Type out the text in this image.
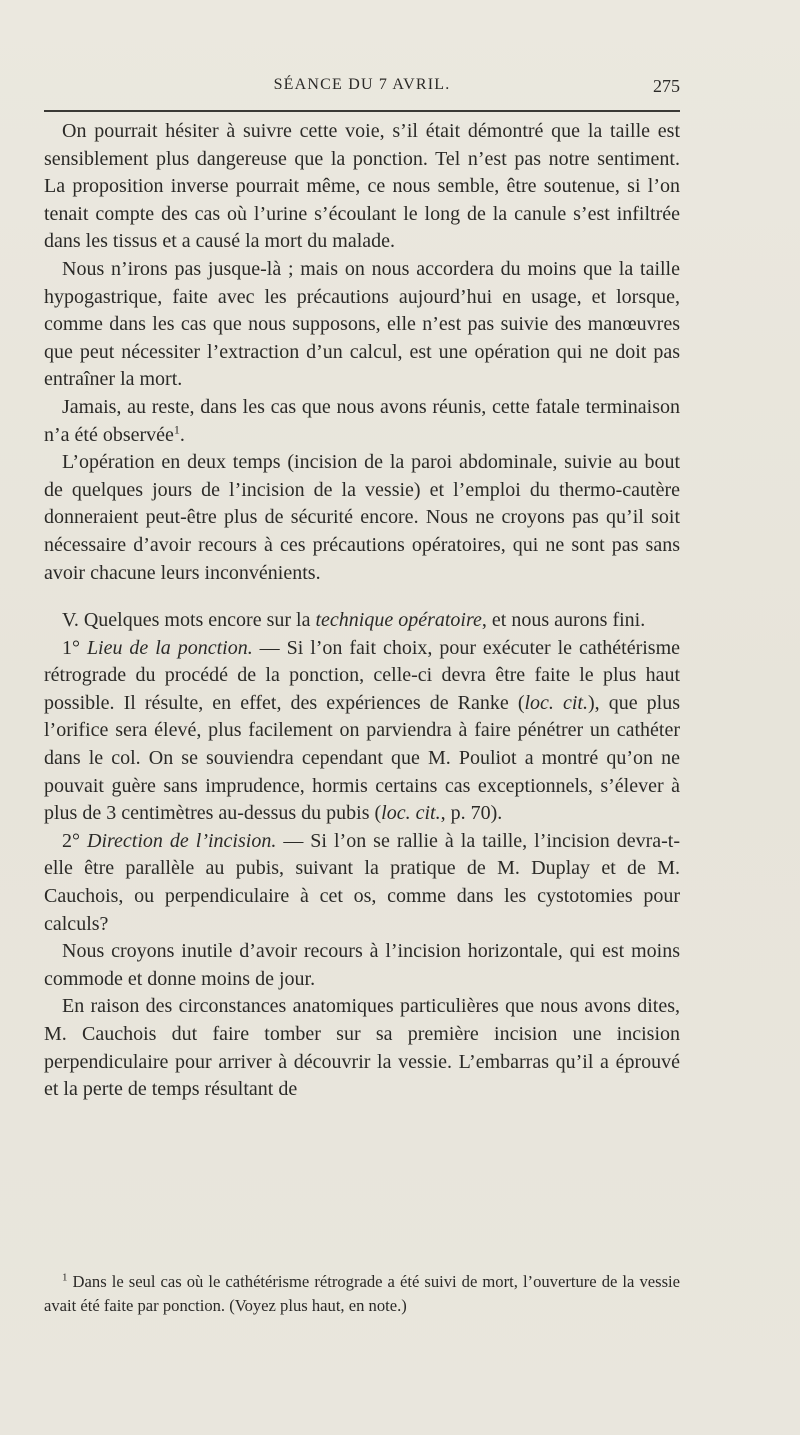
SÉANCE DU 7 AVRIL.	275

On pourrait hésiter à suivre cette voie, s’il était démontré que la taille est sensiblement plus dangereuse que la ponction. Tel n’est pas notre sentiment. La proposition inverse pourrait même, ce nous semble, être soutenue, si l’on tenait compte des cas où l’urine s’écoulant le long de la canule s’est infiltrée dans les tissus et a causé la mort du malade.

Nous n’irons pas jusque-là ; mais on nous accordera du moins que la taille hypogastrique, faite avec les précautions aujourd’hui en usage, et lorsque, comme dans les cas que nous supposons, elle n’est pas suivie des manœuvres que peut nécessiter l’extraction d’un calcul, est une opération qui ne doit pas entraîner la mort.

Jamais, au reste, dans les cas que nous avons réunis, cette fatale terminaison n’a été observée$^1$.

L’opération en deux temps (incision de la paroi abdominale, suivie au bout de quelques jours de l’incision de la vessie) et l’emploi du thermo-cautère donneraient peut-être plus de sécurité encore. Nous ne croyons pas qu’il soit nécessaire d’avoir recours à ces précautions opératoires, qui ne sont pas sans avoir chacune leurs inconvénients.

V. Quelques mots encore sur la technique opératoire, et nous aurons fini.

1° Lieu de la ponction. — Si l’on fait choix, pour exécuter le cathétérisme rétrograde du procédé de la ponction, celle-ci devra être faite le plus haut possible. Il résulte, en effet, des expériences de Ranke (loc. cit.), que plus l’orifice sera élevé, plus facilement on parviendra à faire pénétrer un cathéter dans le col. On se souviendra cependant que M. Pouliot a montré qu’on ne pouvait guère sans imprudence, hormis certains cas exceptionnels, s’élever à plus de 3 centimètres au-dessus du pubis (loc. cit., p. 70).

2° Direction de l’incision. — Si l’on se rallie à la taille, l’incision devra-t-elle être parallèle au pubis, suivant la pratique de M. Duplay et de M. Cauchois, ou perpendiculaire à cet os, comme dans les cystotomies pour calculs?

Nous croyons inutile d’avoir recours à l’incision horizontale, qui est moins commode et donne moins de jour.

En raison des circonstances anatomiques particulières que nous avons dites, M. Cauchois dut faire tomber sur sa première incision une incision perpendiculaire pour arriver à découvrir la vessie. L’embarras qu’il a éprouvé et la perte de temps résultant de

$^1$ Dans le seul cas où le cathétérisme rétrograde a été suivi de mort, l’ouverture de la vessie avait été faite par ponction. (Voyez plus haut, en note.)
